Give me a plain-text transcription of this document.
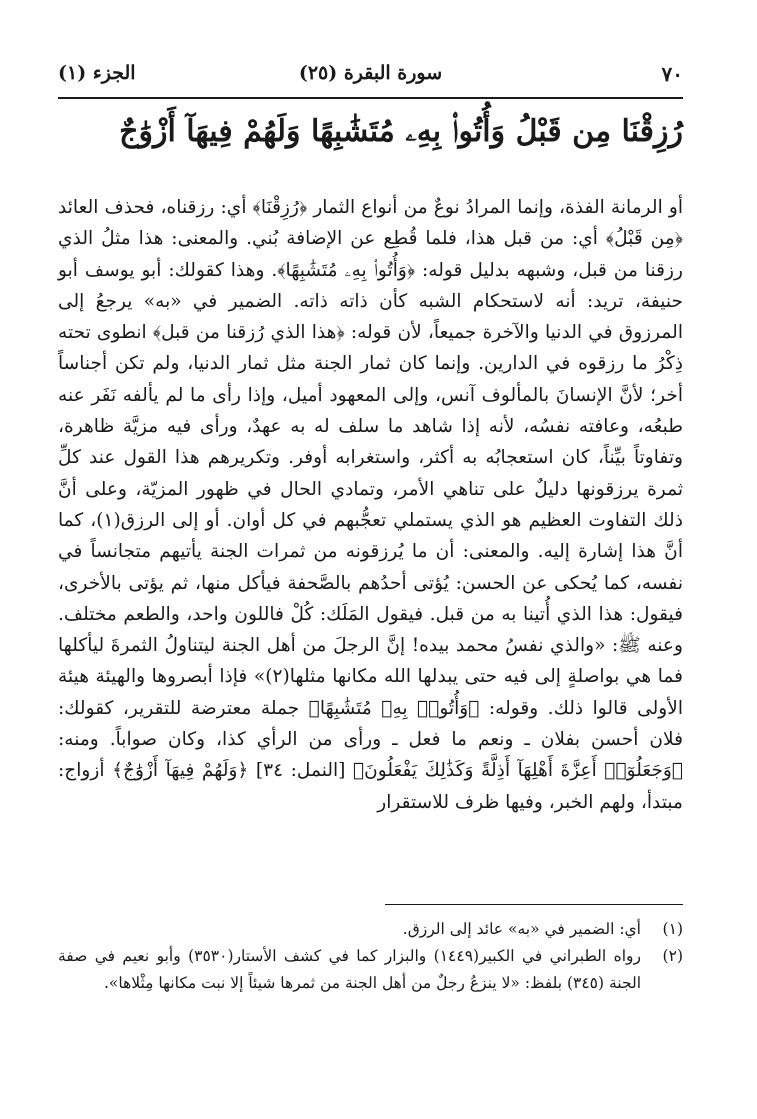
٧٠
سورة البقرة (٢٥)
الجزء (١)
رُزِقْنَا مِن قَبْلُ وَأُتُوا۟ بِهِۦ مُتَشَٰبِهًا وَلَهُمْ فِيهَآ أَزْوَٰجٌ

أو الرمانة الفذة، وإنما المرادُ نوعٌ من أنواع الثمار ﴿رُزِقْنَا﴾ أي: رزقناه، فحذف العائد ﴿مِن قَبْلُ﴾ أي: من قبل هذا، فلما قُطِع عن الإضافة بُني. والمعنى: هذا مثلُ الذي رزقنا من قبل، وشبهه بدليل قوله: ﴿وَأُتُوا۟ بِهِۦ مُتَشَٰبِهًا﴾. وهذا كقولك: أبو يوسف أبو حنيفة، تريد: أنه لاستحكام الشبه كأن ذاته ذاته. الضمير في «به» يرجعُ إلى المرزوق في الدنيا والآخرة جميعاً، لأن قوله: ﴿هذا الذي رُزقنا من قبل﴾ انطوى تحته ذِكْرُ ما رزقوه في الدارين. وإنما كان ثمار الجنة مثل ثمار الدنيا، ولم تكن أجناساً أخر؛ لأنَّ الإنسانَ بالمألوف آنس، وإلى المعهود أميل، وإذا رأى ما لم يألفه نَفَر عنه طبعُه، وعافته نفسُه، لأنه إذا شاهد ما سلف له به عهدٌ، ورأى فيه مزيَّة ظاهرة، وتفاوتاً بيِّناً، كان استعجابُه به أكثر، واستغرابه أوفر. وتكريرهم هذا القول عند كلِّ ثمرة يرزقونها دليلٌ على تناهي الأمر، وتمادي الحال في ظهور المزيّة، وعلى أنَّ ذلك التفاوت العظيم هو الذي يستملي تعجُّبهم في كل أوان. أو إلى الرزق(١)، كما أنَّ هذا إشارة إليه. والمعنى: أن ما يُرزقونه من ثمرات الجنة يأتيهم متجانساً في نفسه، كما يُحكى عن الحسن: يُؤتى أحدُهم بالصَّحفة فيأكل منها، ثم يؤتى بالأخرى، فيقول: هذا الذي أُتينا به من قبل. فيقول المَلَك: كُلْ فاللون واحد، والطعم مختلف. وعنه ﷺ: «والذي نفسُ محمد بيده! إنَّ الرجلَ من أهل الجنة ليتناولُ الثمرةَ ليأكلها فما هي بواصلةٍ إلى فيه حتى يبدلها الله مكانها مثلها(٢)» فإذا أبصروها والهيئة هيئة الأولى قالوا ذلك. وقوله: ﴿وَأُتُوا۟ بِهِۦ مُتَشَٰبِهًا﴾ جملة معترضة للتقرير، كقولك: فلان أحسن بفلان ـ ونعم ما فعل ـ ورأى من الرأي كذا، وكان صواباً. ومنه: ﴿وَجَعَلُوٓا۟ أَعِزَّةَ أَهْلِهَآ أَذِلَّةً وَكَذَٰلِكَ يَفْعَلُونَ﴾ [النمل: ٣٤] ﴿وَلَهُمْ فِيهَآ أَزْوَٰجٌ﴾ أزواج: مبتدأ، ولهم الخبر، وفيها ظرف للاستقرار

(١)
أي: الضمير في «به» عائد إلى الرزق.
(٢)
رواه الطبراني في الكبير(١٤٤٩) والبزار كما في كشف الأستار(٣٥٣٠) وأبو نعيم في صفة الجنة (٣٤٥) بلفظ: «لا ينزعُ رجلٌ من أهل الجنة من ثمرها شيئاً إلا نبت مكانها مِثْلاها».
